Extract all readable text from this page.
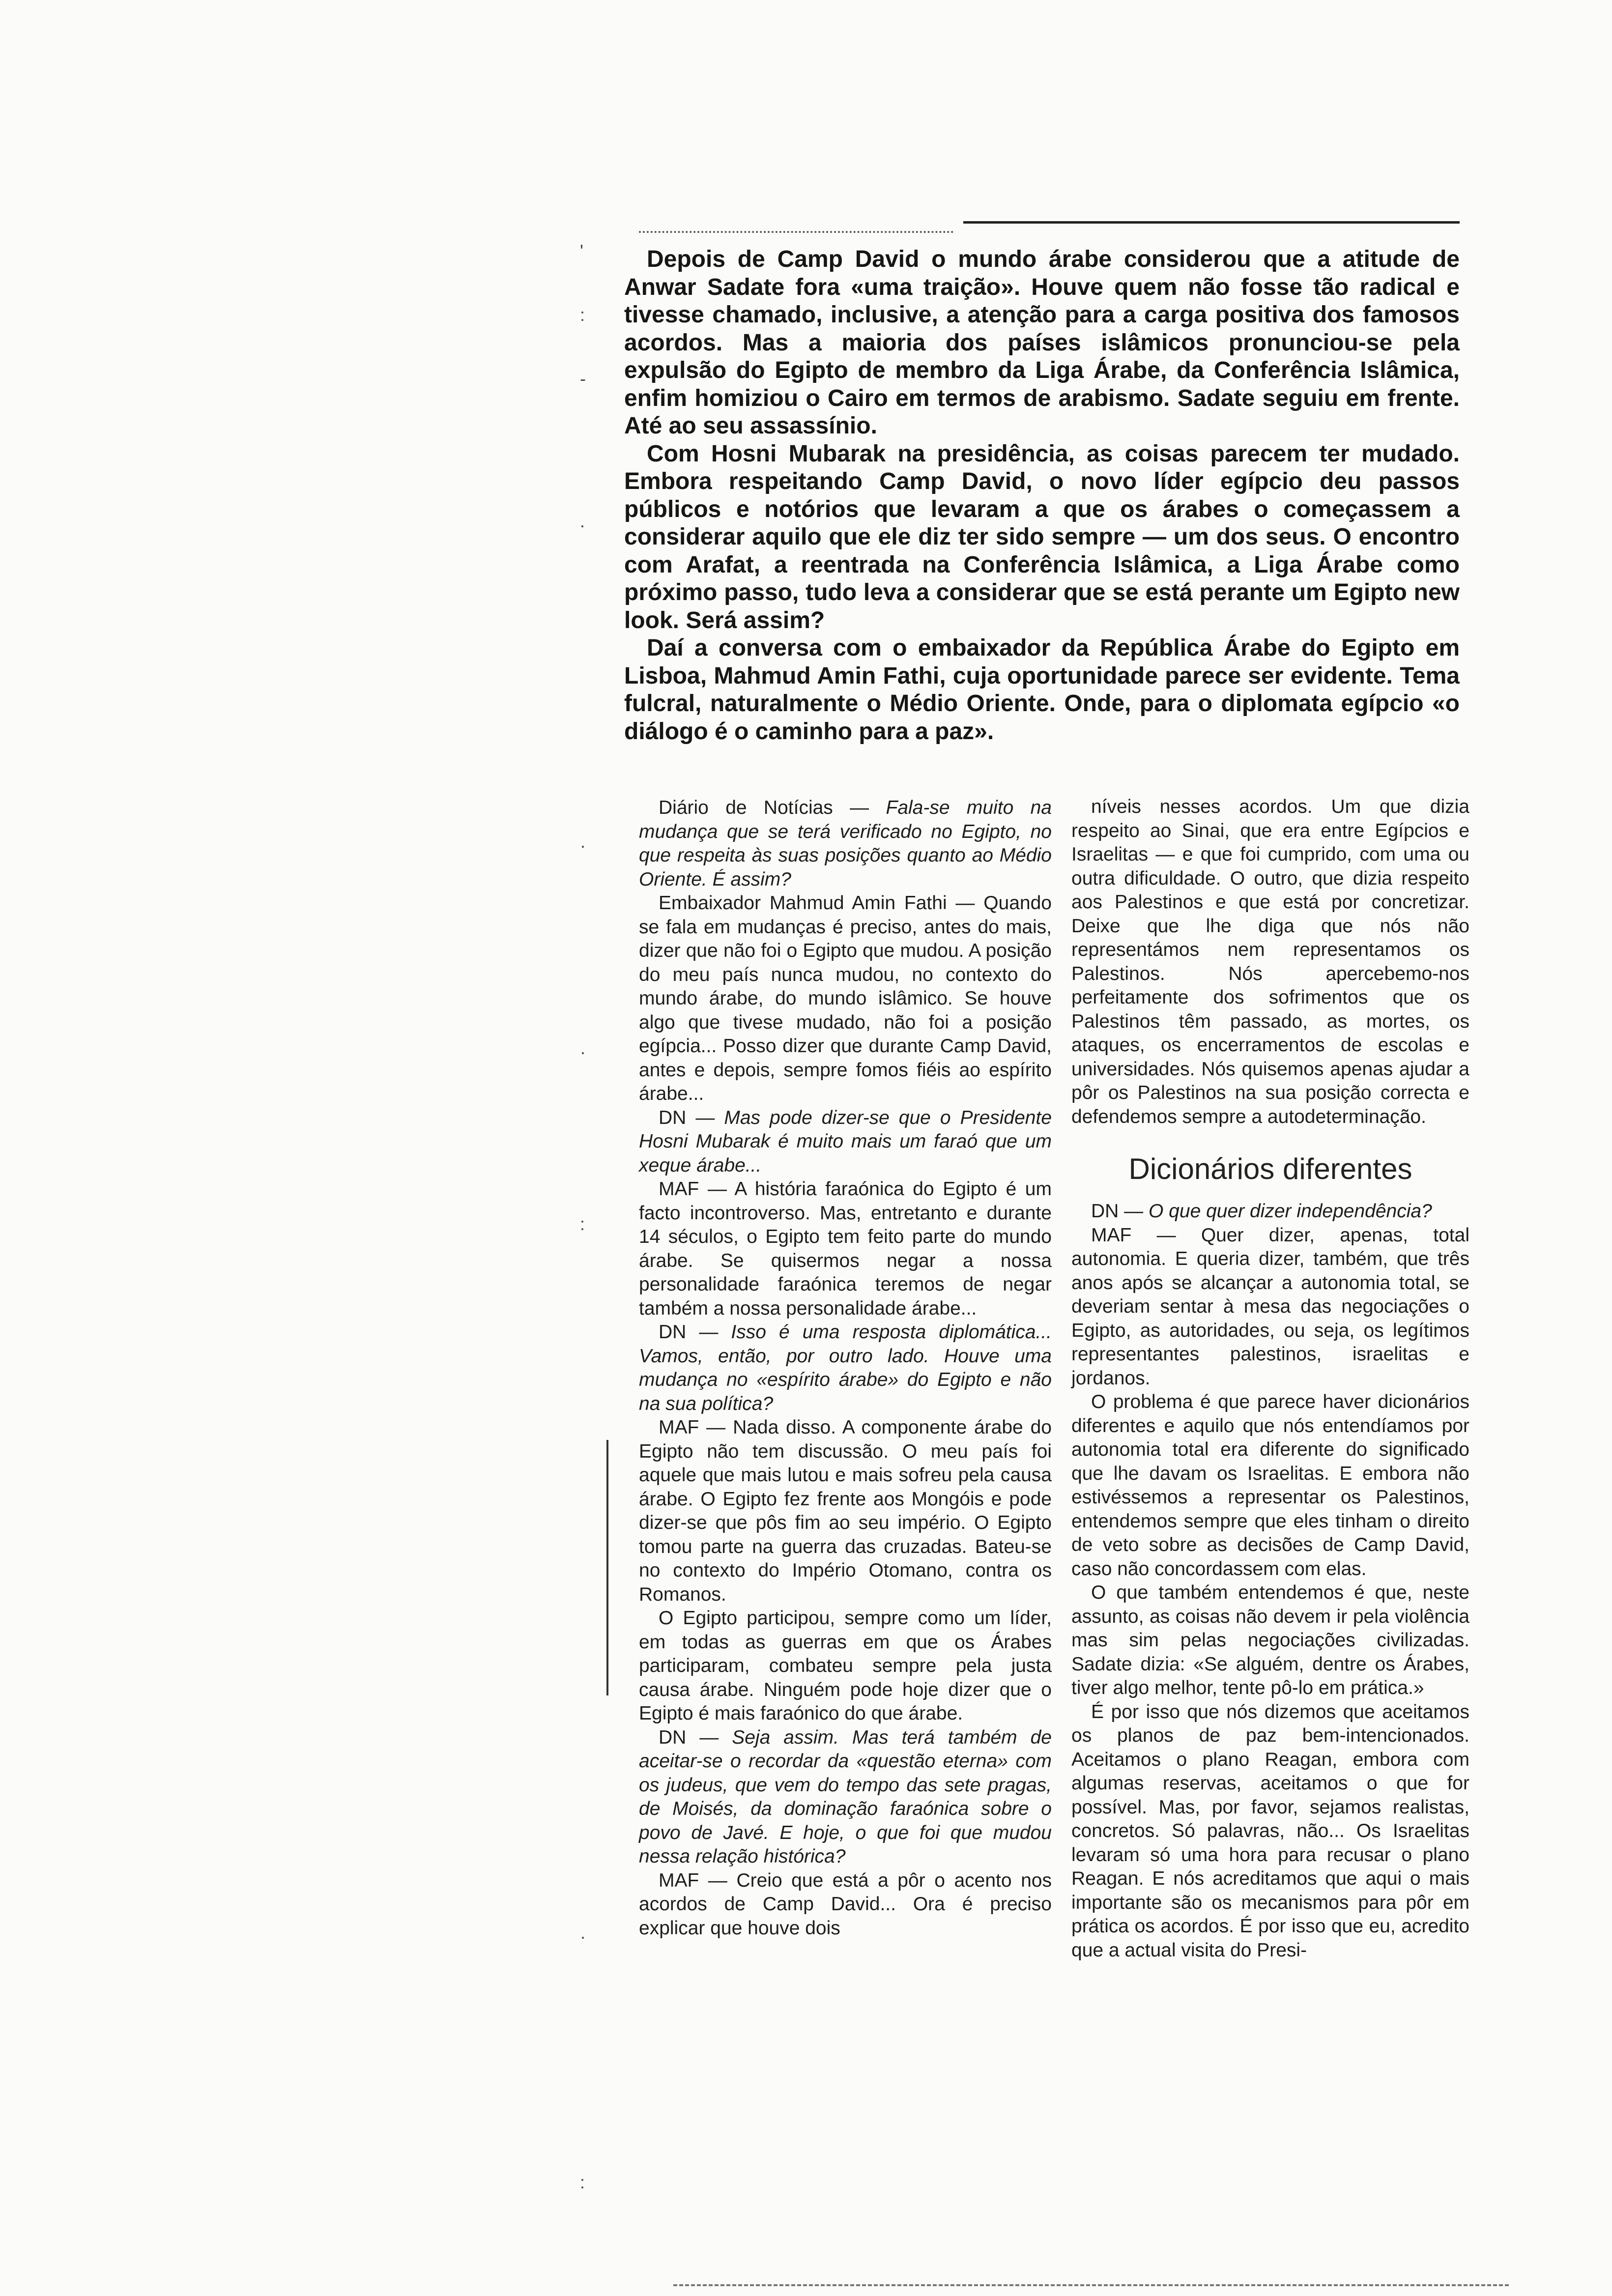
Depois de Camp David o mundo árabe considerou que a atitude de Anwar Sadate fora «uma traição». Houve quem não fosse tão radical e tivesse chamado, inclusive, a atenção para a carga positiva dos famosos acordos. Mas a maioria dos países islâmicos pronunciou-se pela expulsão do Egipto de membro da Liga Árabe, da Conferência Islâmica, enfim homiziou o Cairo em termos de arabismo. Sadate seguiu em frente. Até ao seu assassínio.

Com Hosni Mubarak na presidência, as coisas parecem ter mudado. Embora respeitando Camp David, o novo líder egípcio deu passos públicos e notórios que levaram a que os árabes o começassem a considerar aquilo que ele diz ter sido sempre — um dos seus. O encontro com Arafat, a reentrada na Conferência Islâmica, a Liga Árabe como próximo passo, tudo leva a considerar que se está perante um Egipto new look. Será assim?

Daí a conversa com o embaixador da República Árabe do Egipto em Lisboa, Mahmud Amin Fathi, cuja oportunidade parece ser evidente. Tema fulcral, naturalmente o Médio Oriente. Onde, para o diplomata egípcio «o diálogo é o caminho para a paz».

Diário de Notícias — Fala-se muito na mudança que se terá verificado no Egipto, no que respeita às suas posições quanto ao Médio Oriente. É assim?

Embaixador Mahmud Amin Fathi — Quando se fala em mudanças é preciso, antes do mais, dizer que não foi o Egipto que mudou. A posição do meu país nunca mudou, no contexto do mundo árabe, do mundo islâmico. Se houve algo que tivese mudado, não foi a posição egípcia... Posso dizer que durante Camp David, antes e depois, sempre fomos fiéis ao espírito árabe...

DN — Mas pode dizer-se que o Presidente Hosni Mubarak é muito mais um faraó que um xeque árabe...

MAF — A história faraónica do Egipto é um facto incontroverso. Mas, entretanto e durante 14 séculos, o Egipto tem feito parte do mundo árabe. Se quisermos negar a nossa personalidade faraónica teremos de negar também a nossa personalidade árabe...

DN — Isso é uma resposta diplomática... Vamos, então, por outro lado. Houve uma mudança no «espírito árabe» do Egipto e não na sua política?

MAF — Nada disso. A componente árabe do Egipto não tem discussão. O meu país foi aquele que mais lutou e mais sofreu pela causa árabe. O Egipto fez frente aos Mongóis e pode dizer-se que pôs fim ao seu império. O Egipto tomou parte na guerra das cruzadas. Bateu-se no contexto do Império Otomano, contra os Romanos.

O Egipto participou, sempre como um líder, em todas as guerras em que os Árabes participaram, combateu sempre pela justa causa árabe. Ninguém pode hoje dizer que o Egipto é mais faraónico do que árabe.

DN — Seja assim. Mas terá também de aceitar-se o recordar da «questão eterna» com os judeus, que vem do tempo das sete pragas, de Moisés, da dominação faraónica sobre o povo de Javé. E hoje, o que foi que mudou nessa relação histórica?

MAF — Creio que está a pôr o acento nos acordos de Camp David... Ora é preciso explicar que houve dois

níveis nesses acordos. Um que dizia respeito ao Sinai, que era entre Egípcios e Israelitas — e que foi cumprido, com uma ou outra dificuldade. O outro, que dizia respeito aos Palestinos e que está por concretizar. Deixe que lhe diga que nós não representámos nem representamos os Palestinos. Nós apercebemo-nos perfeitamente dos sofrimentos que os Palestinos têm passado, as mortes, os ataques, os encerramentos de escolas e universidades. Nós quisemos apenas ajudar a pôr os Palestinos na sua posição correcta e defendemos sempre a autodeterminação.

Dicionários diferentes

DN — O que quer dizer independência?

MAF — Quer dizer, apenas, total autonomia. E queria dizer, também, que três anos após se alcançar a autonomia total, se deveriam sentar à mesa das negociações o Egipto, as autoridades, ou seja, os legítimos representantes palestinos, israelitas e jordanos.

O problema é que parece haver dicionários diferentes e aquilo que nós entendíamos por autonomia total era diferente do significado que lhe davam os Israelitas. E embora não estivéssemos a representar os Palestinos, entendemos sempre que eles tinham o direito de veto sobre as decisões de Camp David, caso não concordassem com elas.

O que também entendemos é que, neste assunto, as coisas não devem ir pela violência mas sim pelas negociações civilizadas. Sadate dizia: «Se alguém, dentre os Árabes, tiver algo melhor, tente pô-lo em prática.»

É por isso que nós dizemos que aceitamos os planos de paz bem-intencionados. Aceitamos o plano Reagan, embora com algumas reservas, aceitamos o que for possível. Mas, por favor, sejamos realistas, concretos. Só palavras, não... Os Israelitas levaram só uma hora para recusar o plano Reagan. E nós acreditamos que aqui o mais importante são os mecanismos para pôr em prática os acordos. É por isso que eu, acredito que a actual visita do Presi-

'
:
-
.
·
·
:
·
:
